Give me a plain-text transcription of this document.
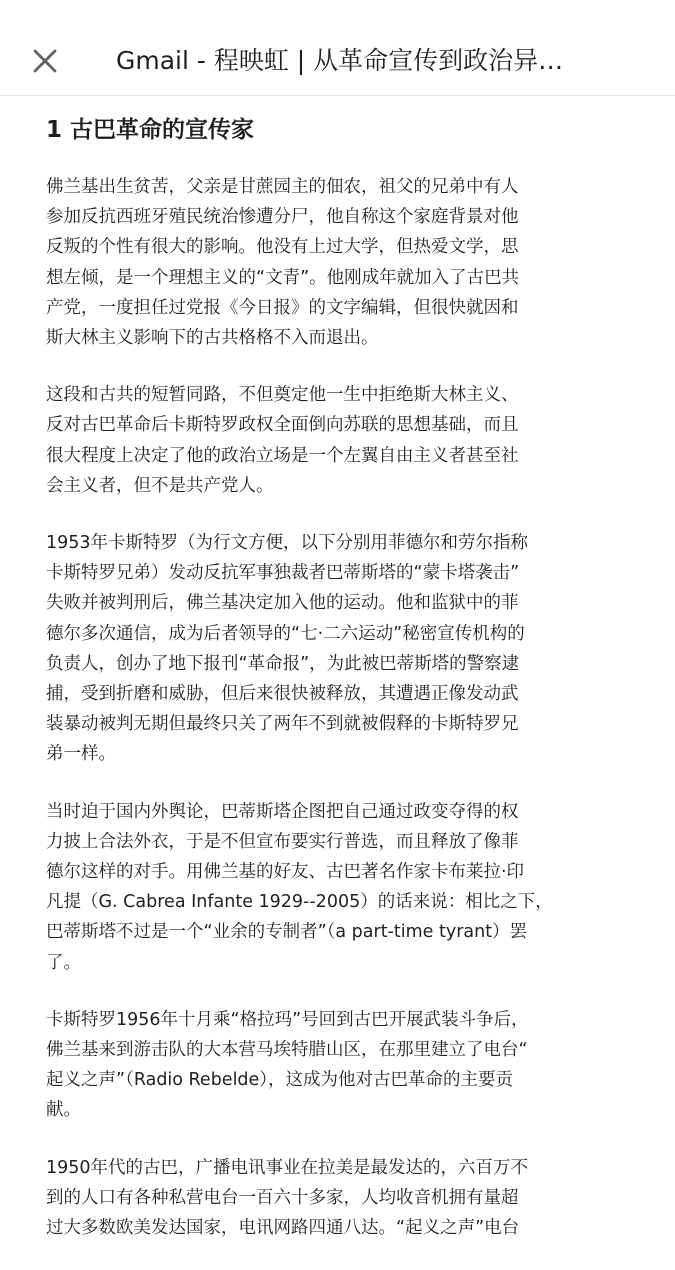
Gmail - 程映虹 | 从革命宣传到政治异…
1 古巴革命的宣传家

佛兰基出生贫苦，父亲是甘蔗园主的佃农，祖父的兄弟中有人
参加反抗西班牙殖民统治惨遭分尸，他自称这个家庭背景对他
反叛的个性有很大的影响。他没有上过大学，但热爱文学，思
想左倾，是一个理想主义的“文青”。他刚成年就加入了古巴共
产党，一度担任过党报《今日报》的文字编辑，但很快就因和
斯大林主义影响下的古共格格不入而退出。

这段和古共的短暂同路，不但奠定他一生中拒绝斯大林主义、
反对古巴革命后卡斯特罗政权全面倒向苏联的思想基础，而且
很大程度上决定了他的政治立场是一个左翼自由主义者甚至社
会主义者，但不是共产党人。

1953年卡斯特罗（为行文方便，以下分别用菲德尔和劳尔指称
卡斯特罗兄弟）发动反抗军事独裁者巴蒂斯塔的“蒙卡塔袭击”
失败并被判刑后，佛兰基决定加入他的运动。他和监狱中的菲
德尔多次通信，成为后者领导的“七·二六运动”秘密宣传机构的
负责人，创办了地下报刊“革命报”，为此被巴蒂斯塔的警察逮
捕，受到折磨和威胁，但后来很快被释放，其遭遇正像发动武
装暴动被判无期但最终只关了两年不到就被假释的卡斯特罗兄
弟一样。

当时迫于国内外舆论，巴蒂斯塔企图把自己通过政变夺得的权
力披上合法外衣，于是不但宣布要实行普选，而且释放了像菲
德尔这样的对手。用佛兰基的好友、古巴著名作家卡布莱拉·印
凡提（G. Cabrea Infante 1929--2005）的话来说：相比之下，
巴蒂斯塔不过是一个“业余的专制者”（a part-time tyrant）罢
了。

卡斯特罗1956年十月乘“格拉玛”号回到古巴开展武装斗争后，
佛兰基来到游击队的大本营马埃特腊山区，在那里建立了电台“
起义之声”（Radio Rebelde），这成为他对古巴革命的主要贡
献。

1950年代的古巴，广播电讯事业在拉美是最发达的，六百万不
到的人口有各种私营电台一百六十多家，人均收音机拥有量超
过大多数欧美发达国家，电讯网路四通八达。“起义之声”电台
